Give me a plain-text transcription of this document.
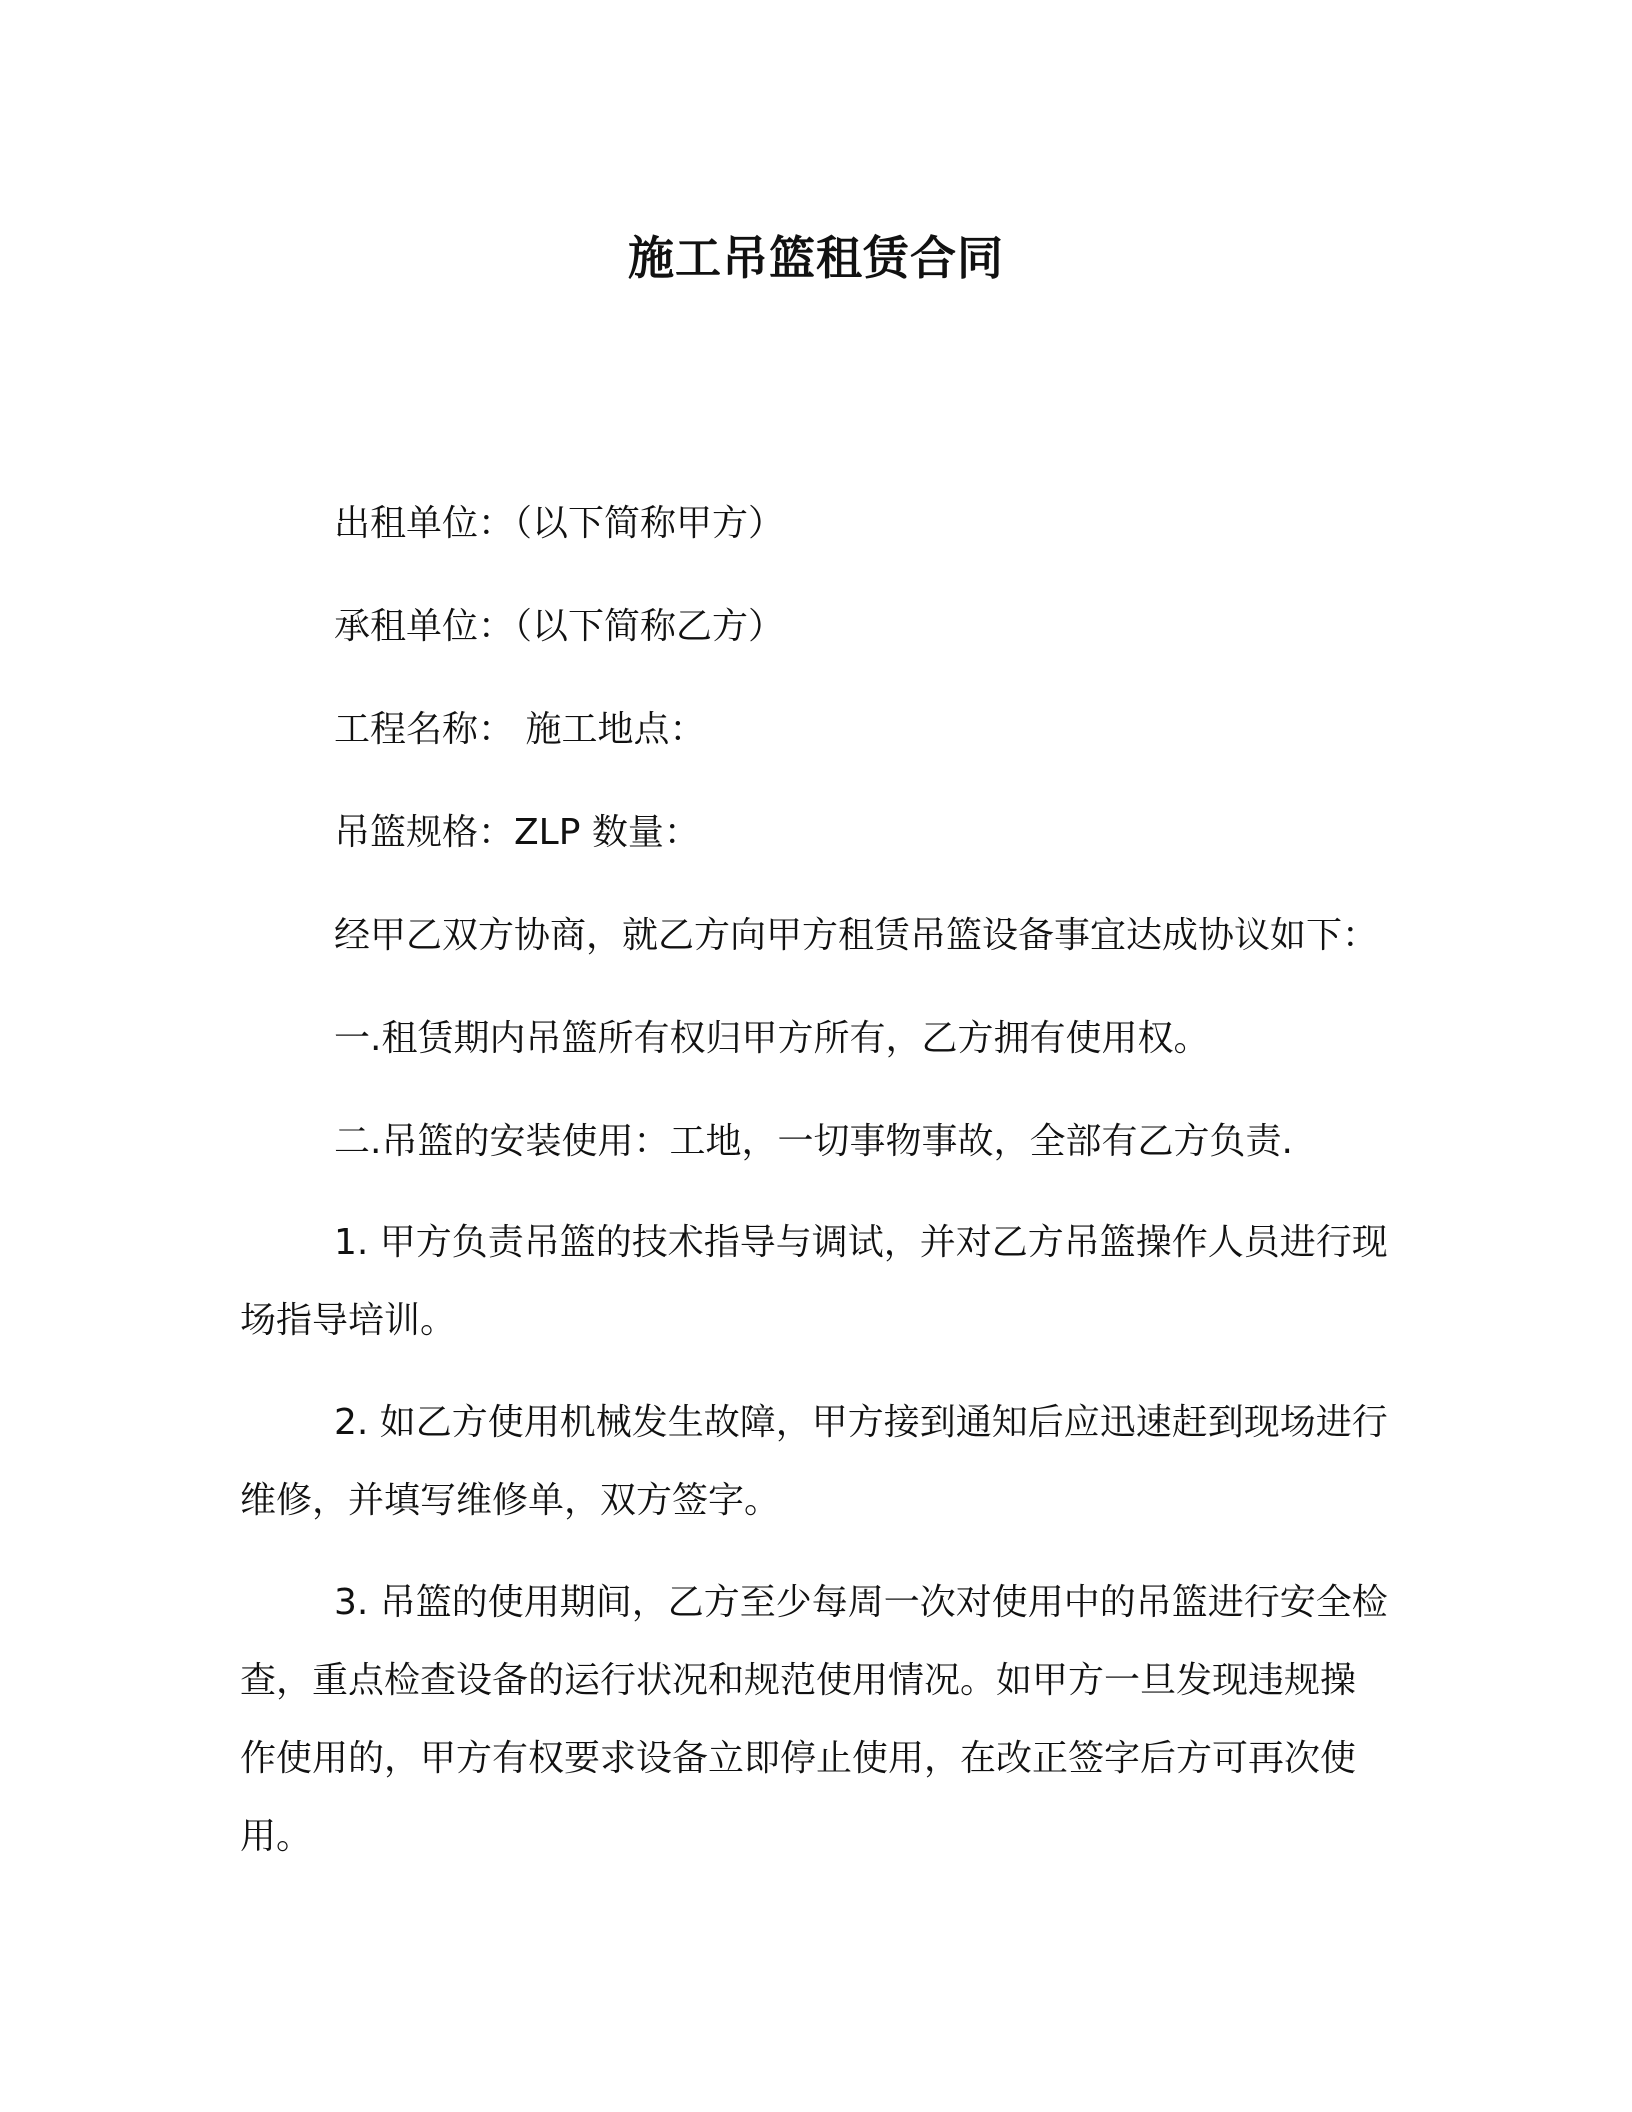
施工吊篮租赁合同
出租单位：（以下简称甲方）
承租单位：（以下简称乙方）
工程名称： 施工地点：
吊篮规格：ZLP 数量：
经甲乙双方协商，就乙方向甲方租赁吊篮设备事宜达成协议如下：
一.租赁期内吊篮所有权归甲方所有，乙方拥有使用权。
二.吊篮的安装使用：工地，一切事物事故，全部有乙方负责.
1. 甲方负责吊篮的技术指导与调试，并对乙方吊篮操作人员进行现场指导培训。
2. 如乙方使用机械发生故障，甲方接到通知后应迅速赶到现场进行维修，并填写维修单，双方签字。
3. 吊篮的使用期间，乙方至少每周一次对使用中的吊篮进行安全检查，重点检查设备的运行状况和规范使用情况。如甲方一旦发现违规操作使用的，甲方有权要求设备立即停止使用，在改正签字后方可再次使用。
